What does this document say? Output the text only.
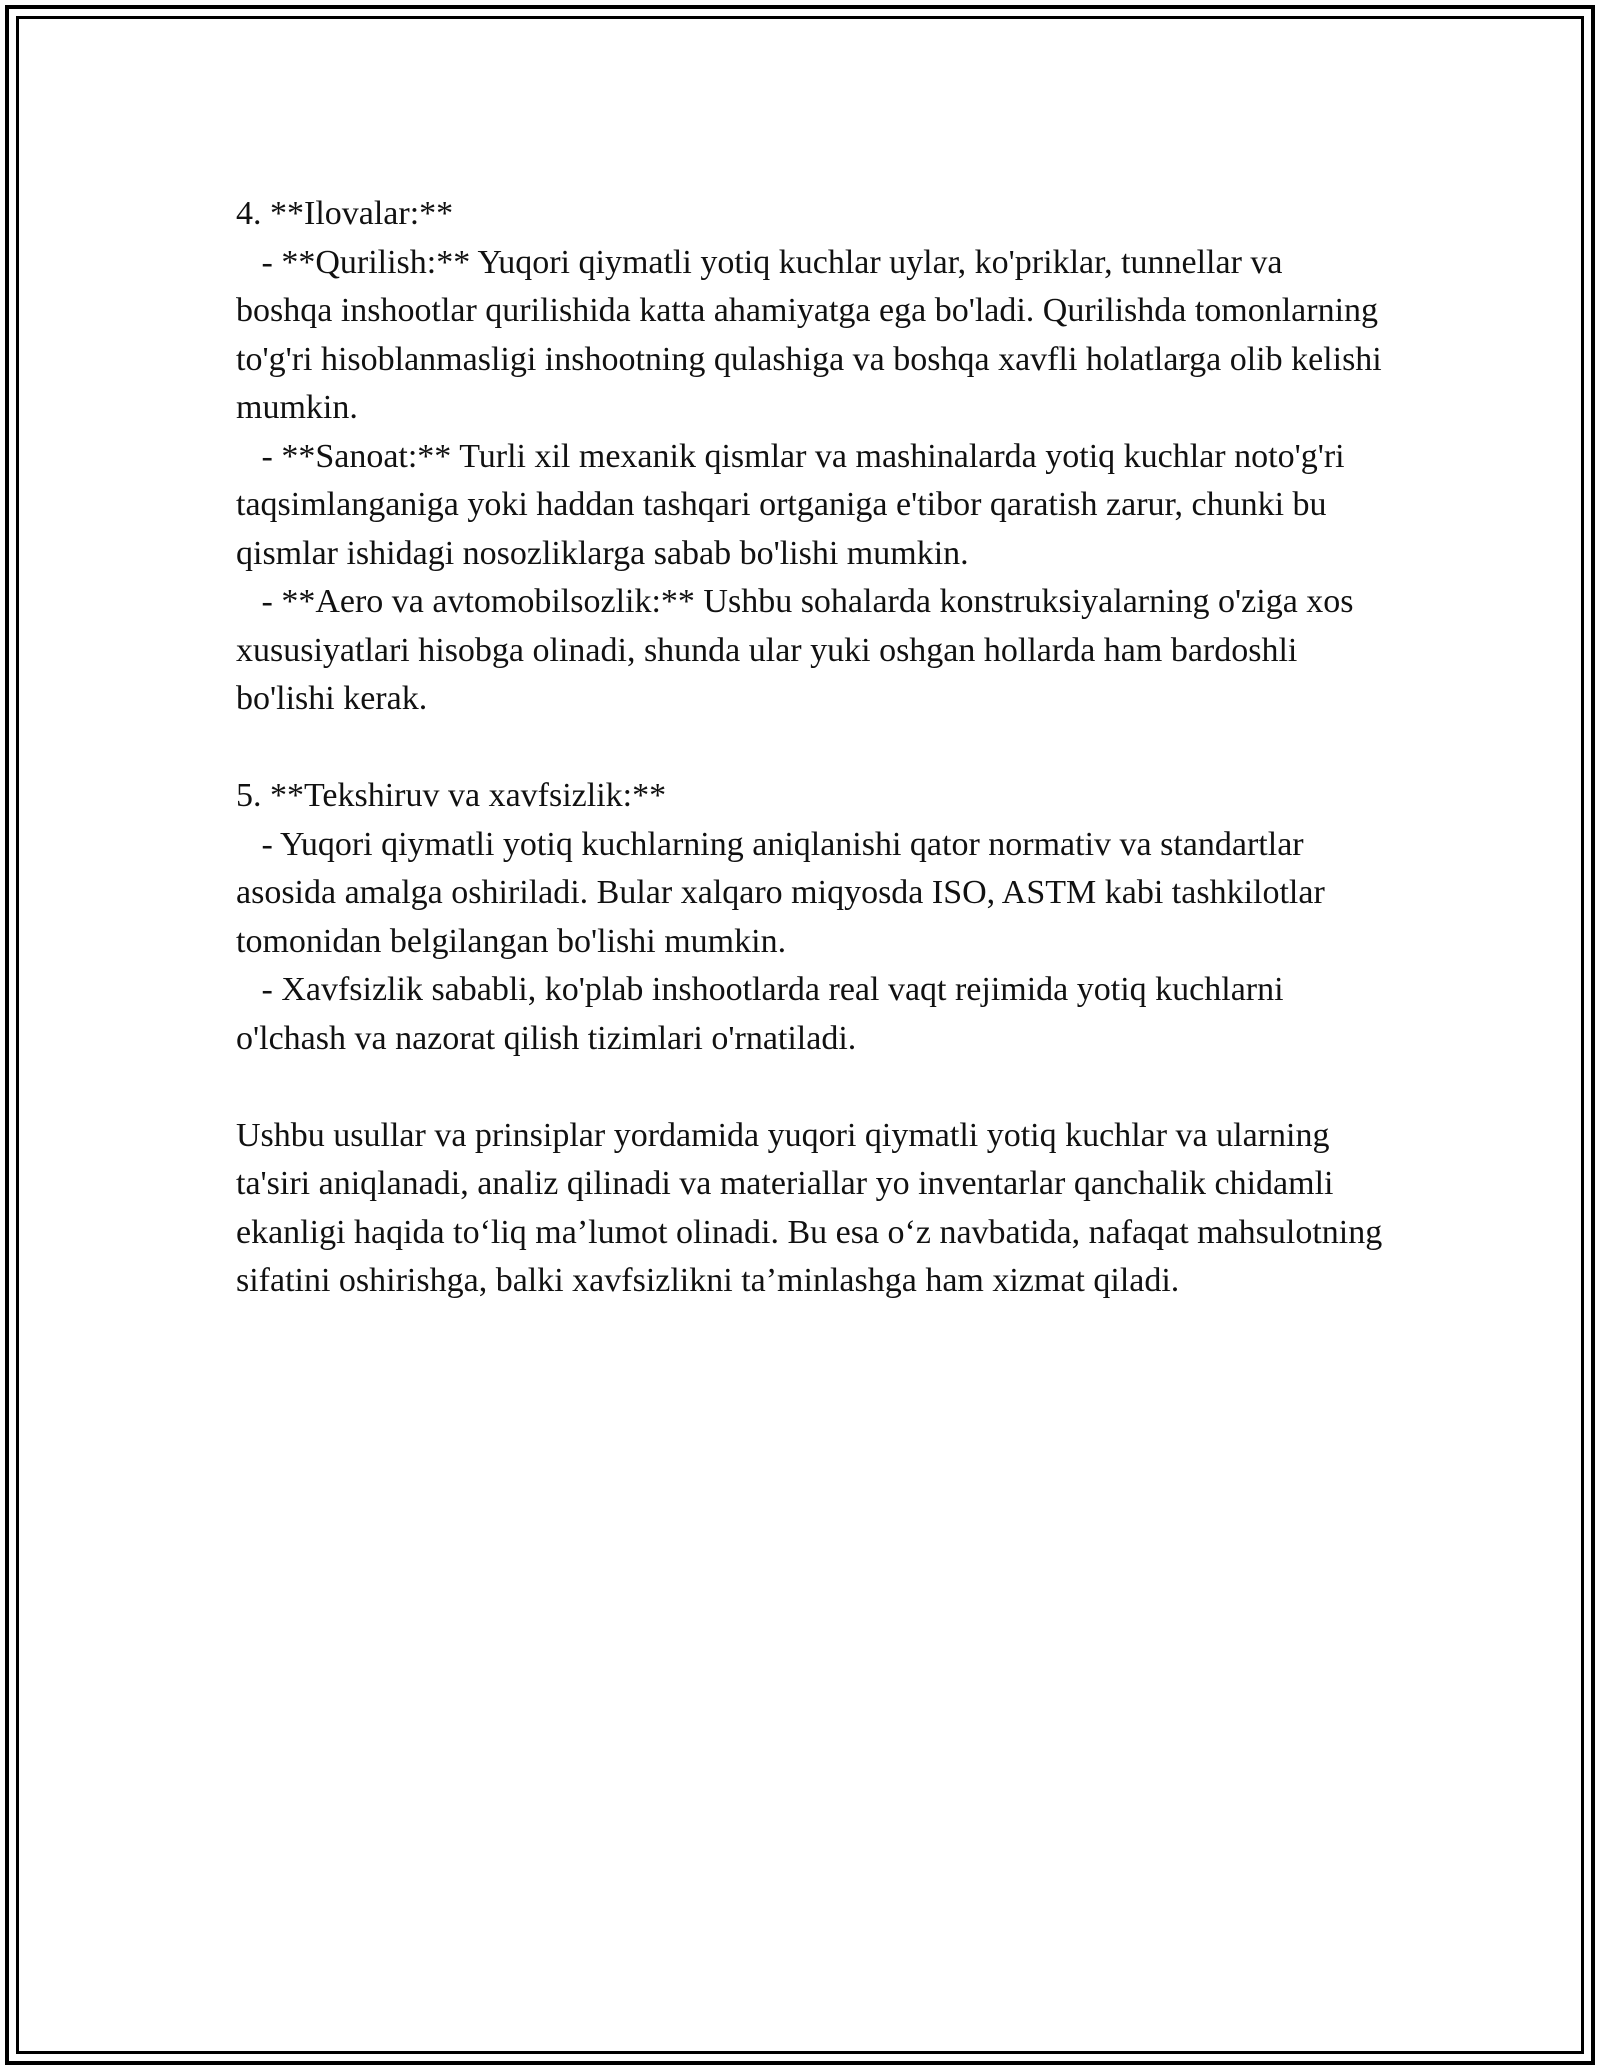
4. **Ilovalar:**

- **Qurilish:** Yuqori qiymatli yotiq kuchlar uylar, ko'priklar, tunnellar va boshqa inshootlar qurilishida katta ahamiyatga ega bo'ladi. Qurilishda tomonlarning to'g'ri hisoblanmasligi inshootning qulashiga va boshqa xavfli holatlarga olib kelishi mumkin.

- **Sanoat:** Turli xil mexanik qismlar va mashinalarda yotiq kuchlar noto'g'ri taqsimlanganiga yoki haddan tashqari ortganiga e'tibor qaratish zarur, chunki bu qismlar ishidagi nosozliklarga sabab bo'lishi mumkin.

- **Aero va avtomobilsozlik:** Ushbu sohalarda konstruksiyalarning o'ziga xos xususiyatlari hisobga olinadi, shunda ular yuki oshgan hollarda ham bardoshli bo'lishi kerak.

5. **Tekshiruv va xavfsizlik:**

- Yuqori qiymatli yotiq kuchlarning aniqlanishi qator normativ va standartlar asosida amalga oshiriladi. Bular xalqaro miqyosda ISO, ASTM kabi tashkilotlar tomonidan belgilangan bo'lishi mumkin.

- Xavfsizlik sababli, ko'plab inshootlarda real vaqt rejimida yotiq kuchlarni o'lchash va nazorat qilish tizimlari o'rnatiladi.

Ushbu usullar va prinsiplar yordamida yuqori qiymatli yotiq kuchlar va ularning ta'siri aniqlanadi, analiz qilinadi va materiallar yo inventarlar qanchalik chidamli ekanligi haqida to‘liq ma’lumot olinadi. Bu esa o‘z navbatida, nafaqat mahsulotning sifatini oshirishga, balki xavfsizlikni ta’minlashga ham xizmat qiladi.
